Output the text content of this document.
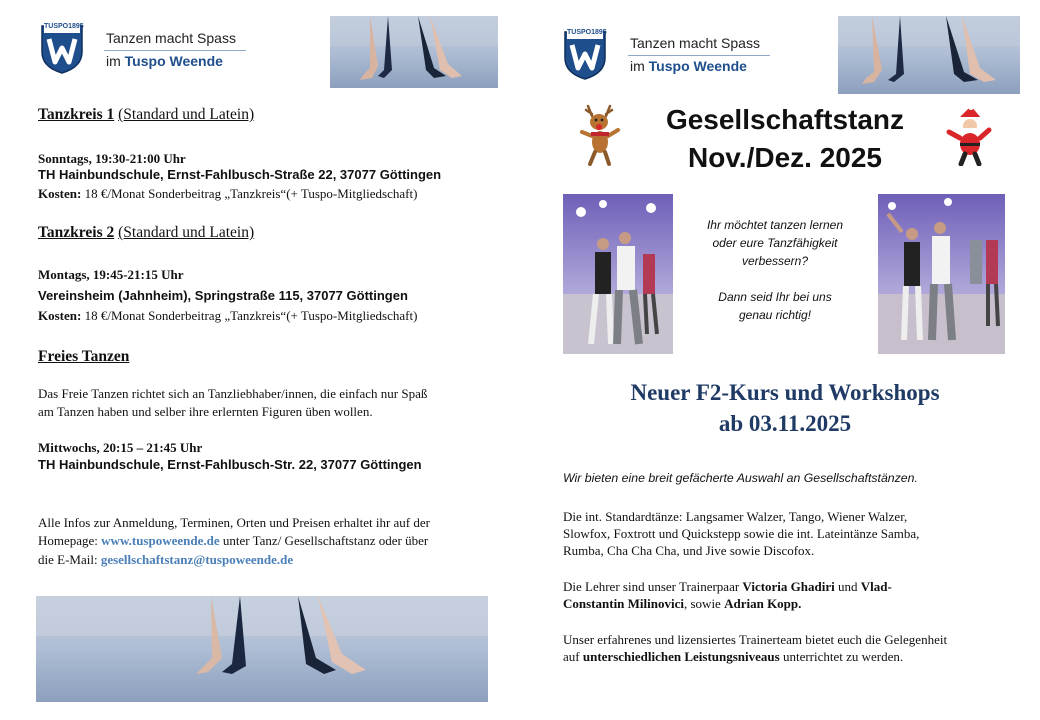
TUSPO1895
Tanzen macht Spass
im Tuspo Weende
Tanzkreis 1 (Standard und Latein)
Sonntags, 19:30-21:00 Uhr
TH Hainbundschule, Ernst-Fahlbusch-Straße 22, 37077 Göttingen
Kosten: 18 €/Monat Sonderbeitrag „Tanzkreis“(+ Tuspo-Mitgliedschaft)
Tanzkreis 2 (Standard und Latein)
Montags, 19:45-21:15 Uhr
Vereinsheim (Jahnheim), Springstraße 115, 37077 Göttingen
Kosten: 18 €/Monat Sonderbeitrag „Tanzkreis“(+ Tuspo-Mitgliedschaft)
Freies Tanzen
Das Freie Tanzen richtet sich an Tanzliebhaber/innen, die einfach nur Spaß
am Tanzen haben und selber ihre erlernten Figuren üben wollen.
Mittwochs, 20:15 – 21:45 Uhr
TH Hainbundschule, Ernst-Fahlbusch-Str. 22, 37077 Göttingen
Alle Infos zur Anmeldung, Terminen, Orten und Preisen erhaltet ihr auf der
Homepage: www.tuspoweende.de unter Tanz/ Gesellschaftstanz oder über
die E-Mail: gesellschaftstanz@tuspoweende.de
TUSPO1895
Tanzen macht Spass
im Tuspo Weende
Gesellschaftstanz
Nov./Dez. 2025
Ihr möchtet tanzen lernen
oder eure Tanzfähigkeit
verbessern?
Dann seid Ihr bei uns
genau richtig!
Neuer F2-Kurs und Workshops
ab 03.11.2025
Wir bieten eine breit gefächerte Auswahl an Gesellschaftstänzen.
Die int. Standardtänze: Langsamer Walzer, Tango, Wiener Walzer,
Slowfox, Foxtrott und Quickstepp sowie die int. Lateintänze Samba,
Rumba, Cha Cha Cha, und Jive sowie Discofox.
Die Lehrer sind unser Trainerpaar Victoria Ghadiri und Vlad-
Constantin Milinovici, sowie Adrian Kopp.
Unser erfahrenes und lizensiertes Trainerteam bietet euch die Gelegenheit
auf unterschiedlichen Leistungsniveaus unterrichtet zu werden.
